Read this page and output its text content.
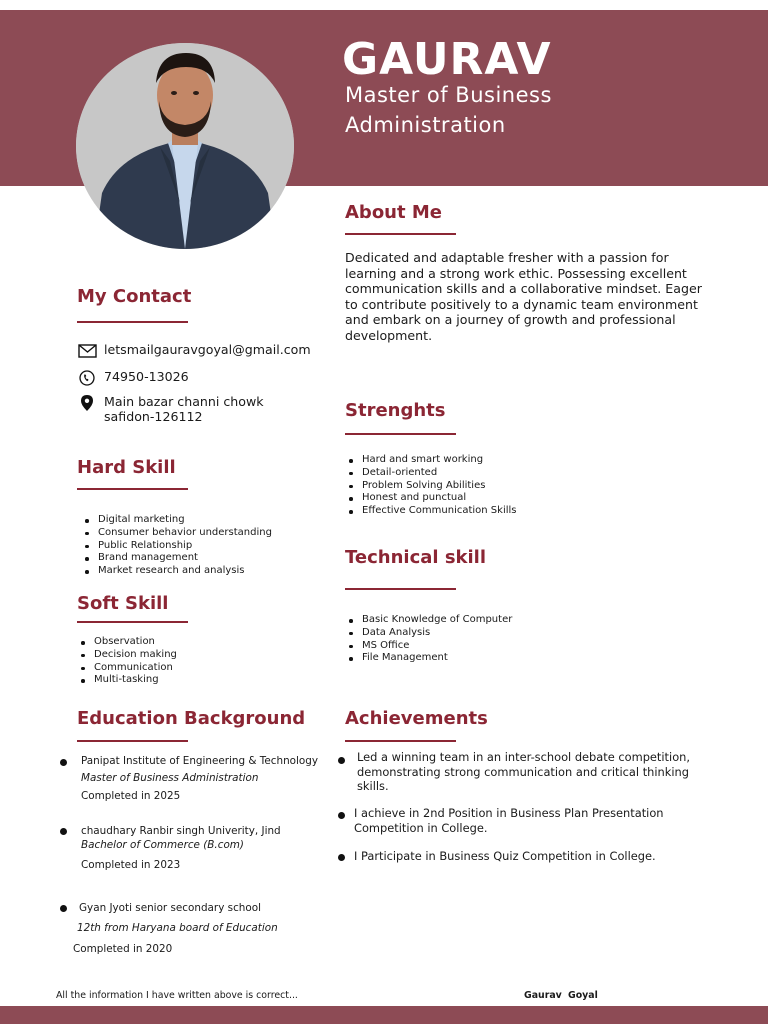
GAURAV
Master of Business Administration
About Me
Dedicated and adaptable fresher with a passion for learning and a strong work ethic. Possessing excellent communication skills and a collaborative mindset. Eager to contribute positively to a dynamic team environment and embark on a journey of growth and professional development.
My Contact
letsmailgauravgoyal@gmail.com
74950-13026
Main bazar channi chowk
safidon-126112	Strenghts
Hard and smart working
Detail-oriented
Problem Solving Abilities
Honest and punctual
Effective Communication Skills
Hard Skill
Digital marketing
Consumer behavior understanding
Public Relationship
Brand management
Market research and analysis
Technical skill
Basic Knowledge of Computer
Data Analysis
MS Office
File Management
Soft Skill
Observation
Decision making
Communication
Multi-tasking
Education Background
Panipat Institute of Engineering & Technology
Master of Business Administration
Completed in 2025
chaudhary Ranbir singh Univerity, Jind
Bachelor of Commerce (B.com)
Completed in 2023
Gyan Jyoti senior secondary school
12th from Haryana board of Education
Completed in 2020
Achievements
Led a winning team in an inter-school debate competition, demonstrating strong communication and critical thinking skills.
I achieve in 2nd Position in Business Plan Presentation Competition in College.
I Participate in Business Quiz Competition in College.
All the information I have written above is correct...	Gaurav Goyal
